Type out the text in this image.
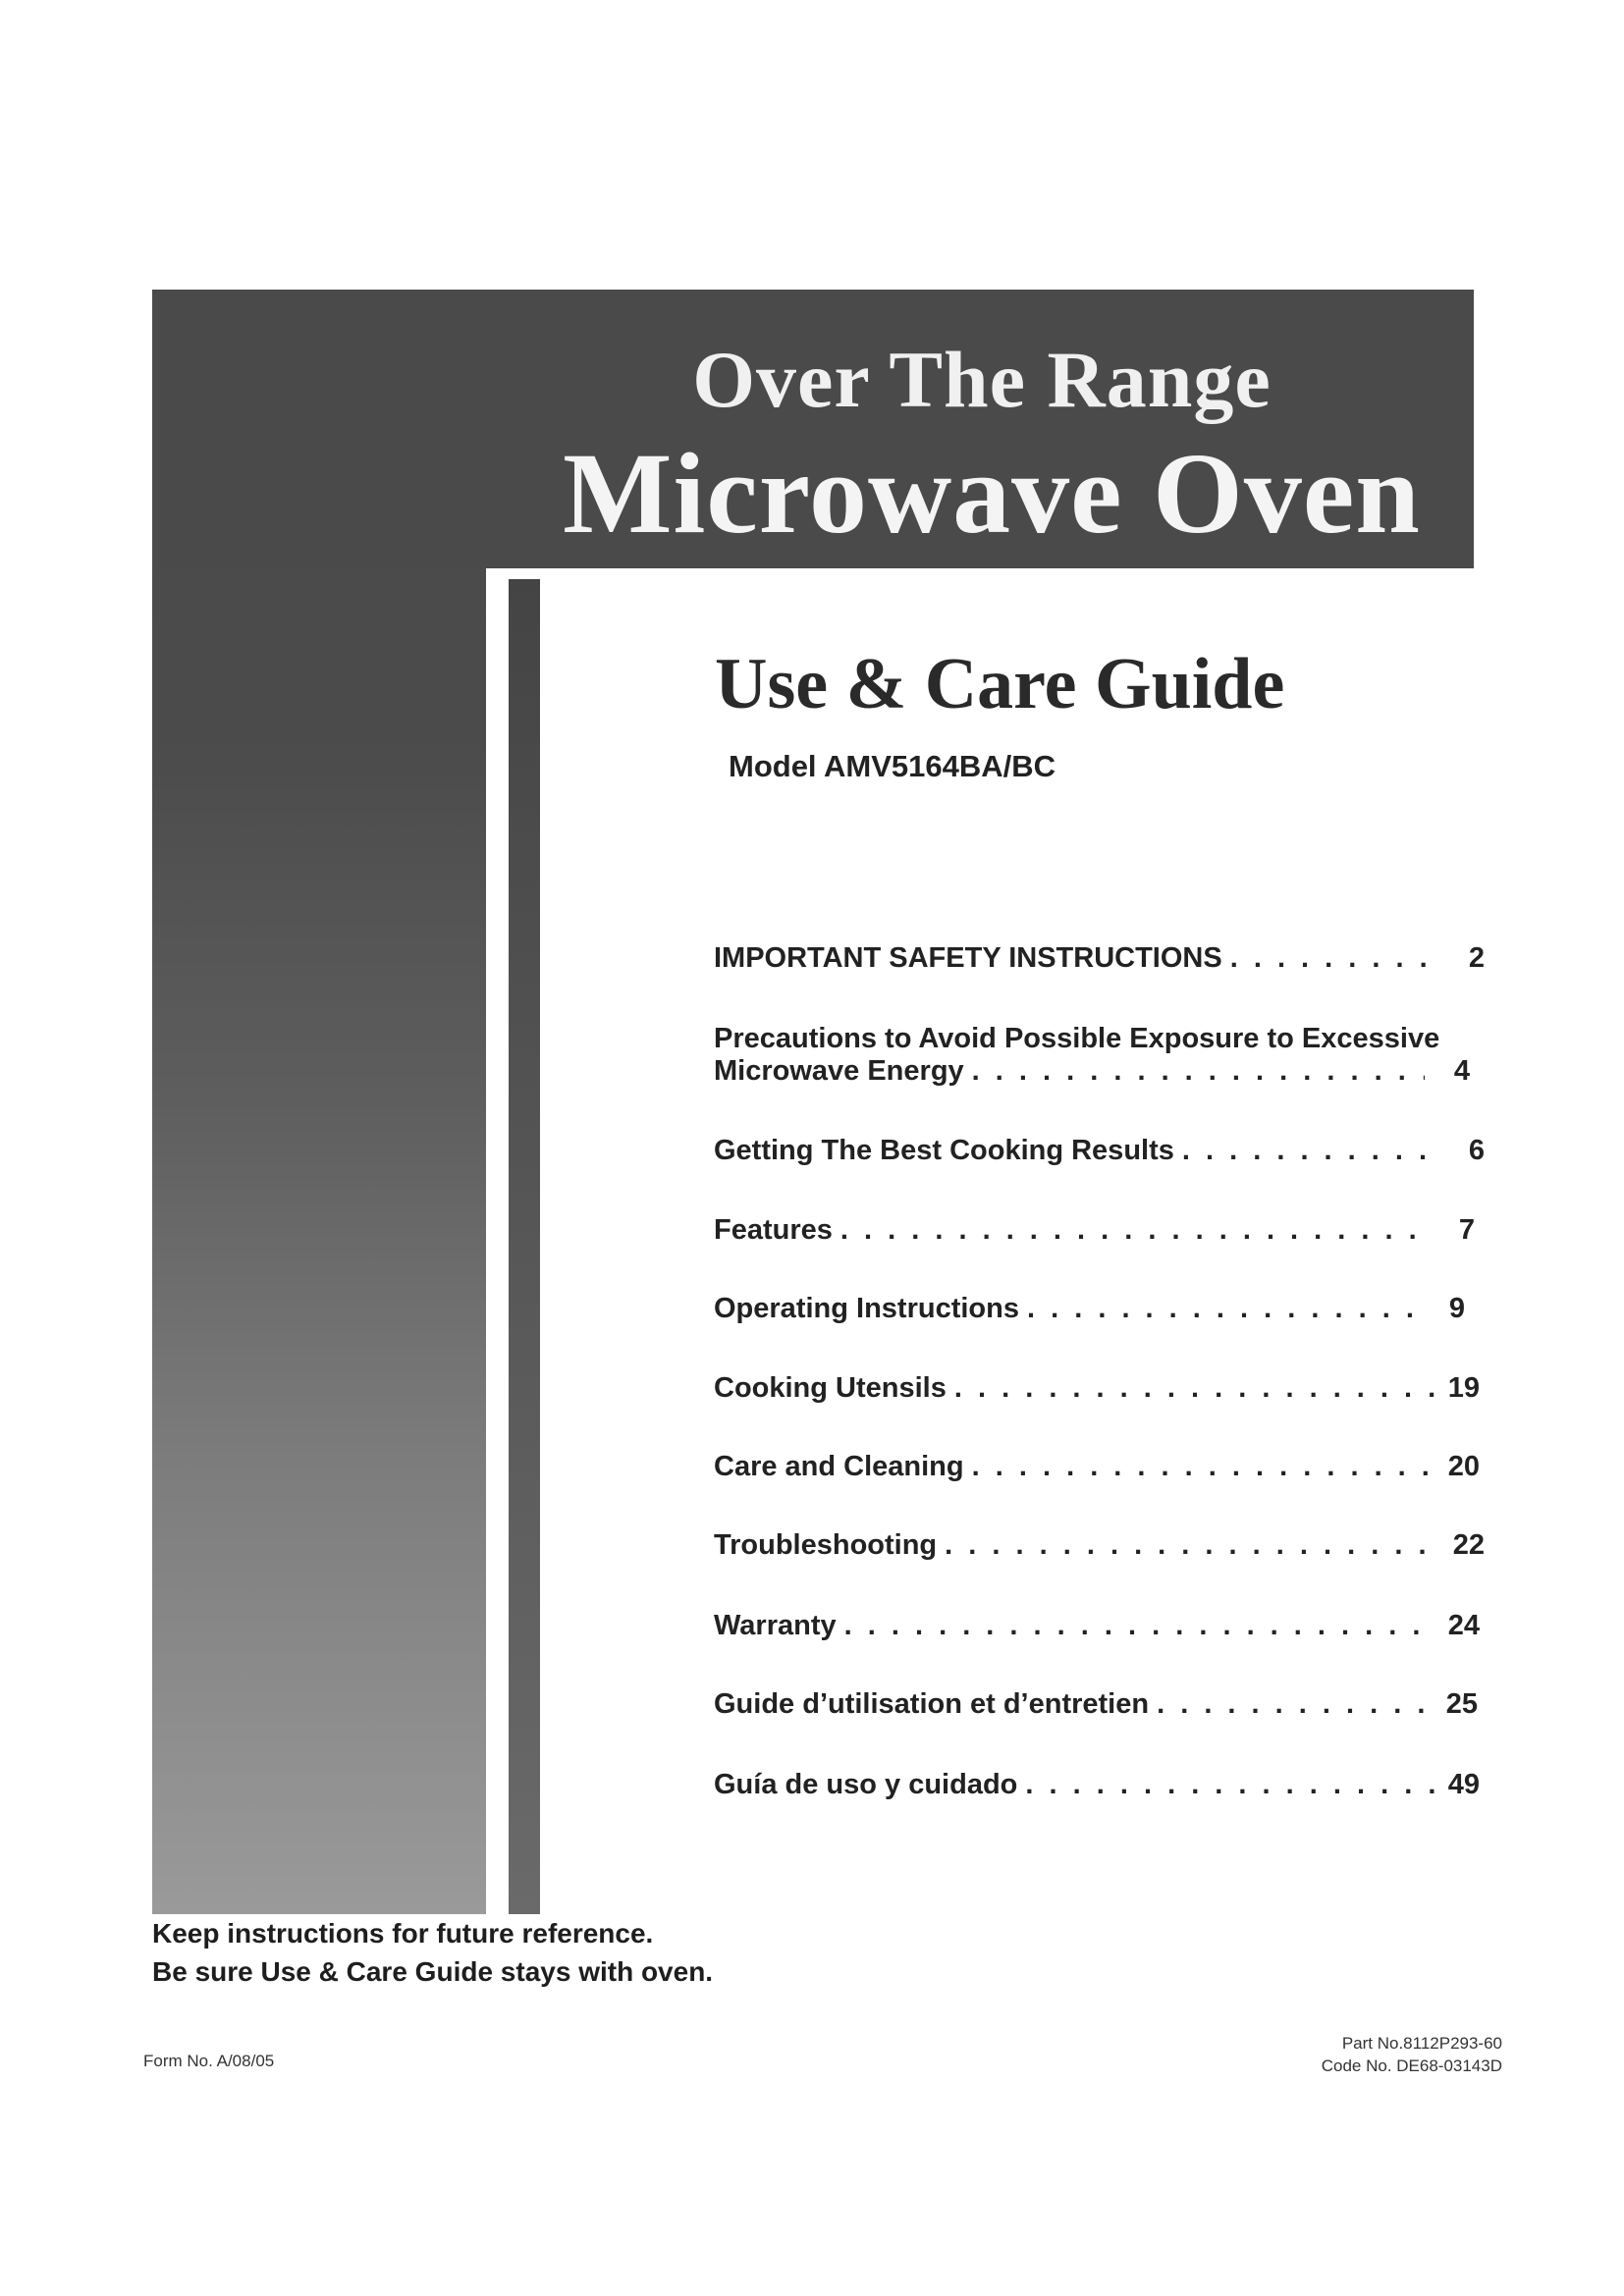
Over The Range
Microwave Oven
Use & Care Guide
Model AMV5164BA/BC
IMPORTANT SAFETY INSTRUCTIONS . . .	2
Precautions to Avoid Possible Exposure to Excessive
Microwave Energy . . .	4
Getting The Best Cooking Results . . .	6
Features . . .	7
Operating Instructions . . .	9
Cooking Utensils . . .	19
Care and Cleaning . . .	20
Troubleshooting . . .	22
Warranty . . .	24
Guide d’utilisation et d’entretien . . .	25
Guía de uso y cuidado . . .	49
Keep instructions for future reference.
Be sure Use & Care Guide stays with oven.
Form No. A/08/05
Part No.8112P293-60
Code No. DE68-03143D
